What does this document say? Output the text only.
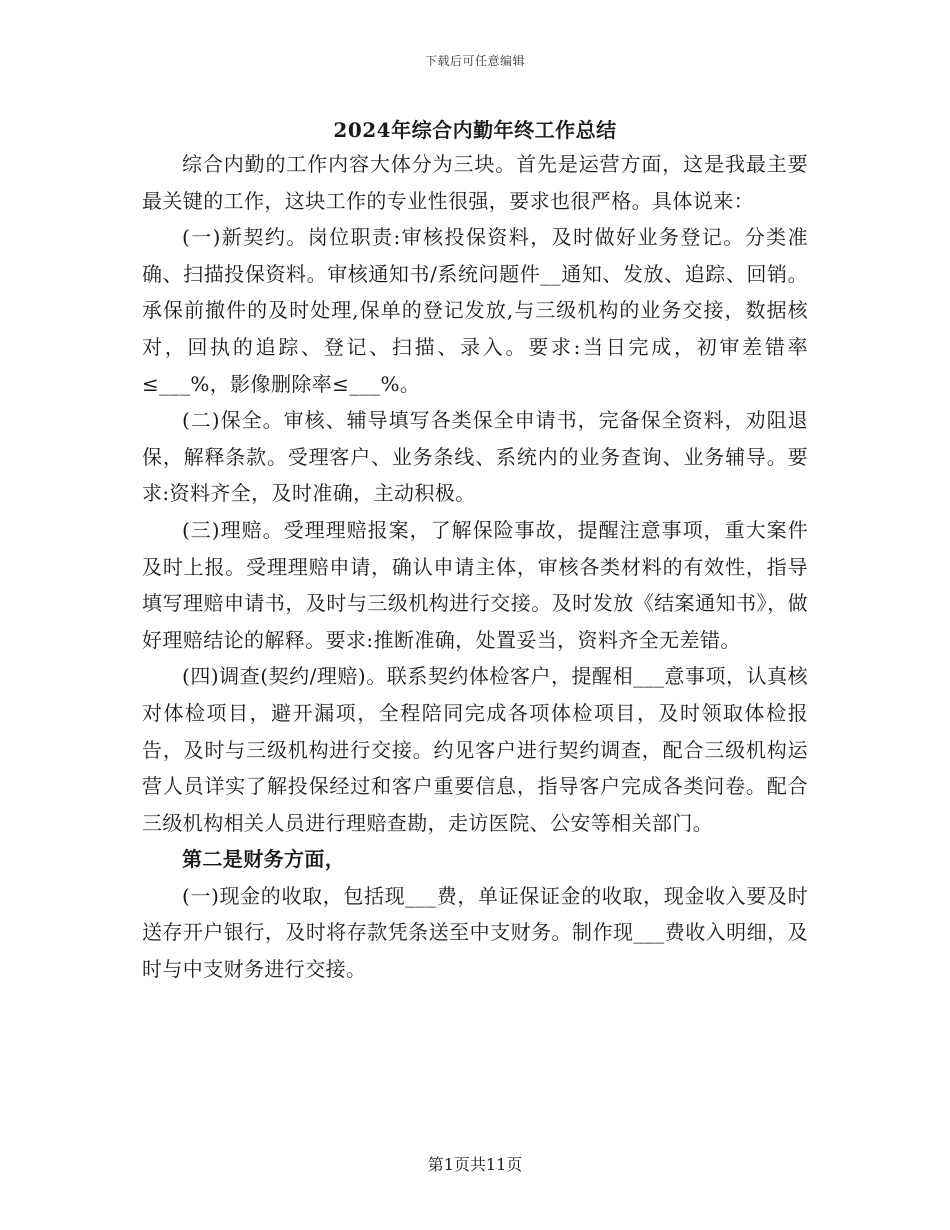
下载后可任意编辑
2024年综合内勤年终工作总结

综合内勤的工作内容大体分为三块。首先是运营方面，这是我最主要最关键的工作，这块工作的专业性很强，要求也很严格。具体说来：

(一)新契约。岗位职责:审核投保资料，及时做好业务登记。分类准确、扫描投保资料。审核通知书/系统问题件__通知、发放、追踪、回销。承保前撤件的及时处理,保单的登记发放,与三级机构的业务交接，数据核对，回执的追踪、登记、扫描、录入。要求:当日完成，初审差错率≤___%，影像删除率≤___%。

(二)保全。审核、辅导填写各类保全申请书，完备保全资料，劝阻退保，解释条款。受理客户、业务条线、系统内的业务查询、业务辅导。要求:资料齐全，及时准确，主动积极。

(三)理赔。受理理赔报案，了解保险事故，提醒注意事项，重大案件及时上报。受理理赔申请，确认申请主体，审核各类材料的有效性，指导填写理赔申请书，及时与三级机构进行交接。及时发放《结案通知书》，做好理赔结论的解释。要求:推断准确，处置妥当，资料齐全无差错。

(四)调查(契约/理赔)。联系契约体检客户，提醒相___意事项，认真核对体检项目，避开漏项，全程陪同完成各项体检项目，及时领取体检报告，及时与三级机构进行交接。约见客户进行契约调查，配合三级机构运营人员详实了解投保经过和客户重要信息，指导客户完成各类问卷。配合三级机构相关人员进行理赔查勘，走访医院、公安等相关部门。

第二是财务方面，

(一)现金的收取，包括现___费，单证保证金的收取，现金收入要及时送存开户银行，及时将存款凭条送至中支财务。制作现___费收入明细，及时与中支财务进行交接。

第1页共11页
